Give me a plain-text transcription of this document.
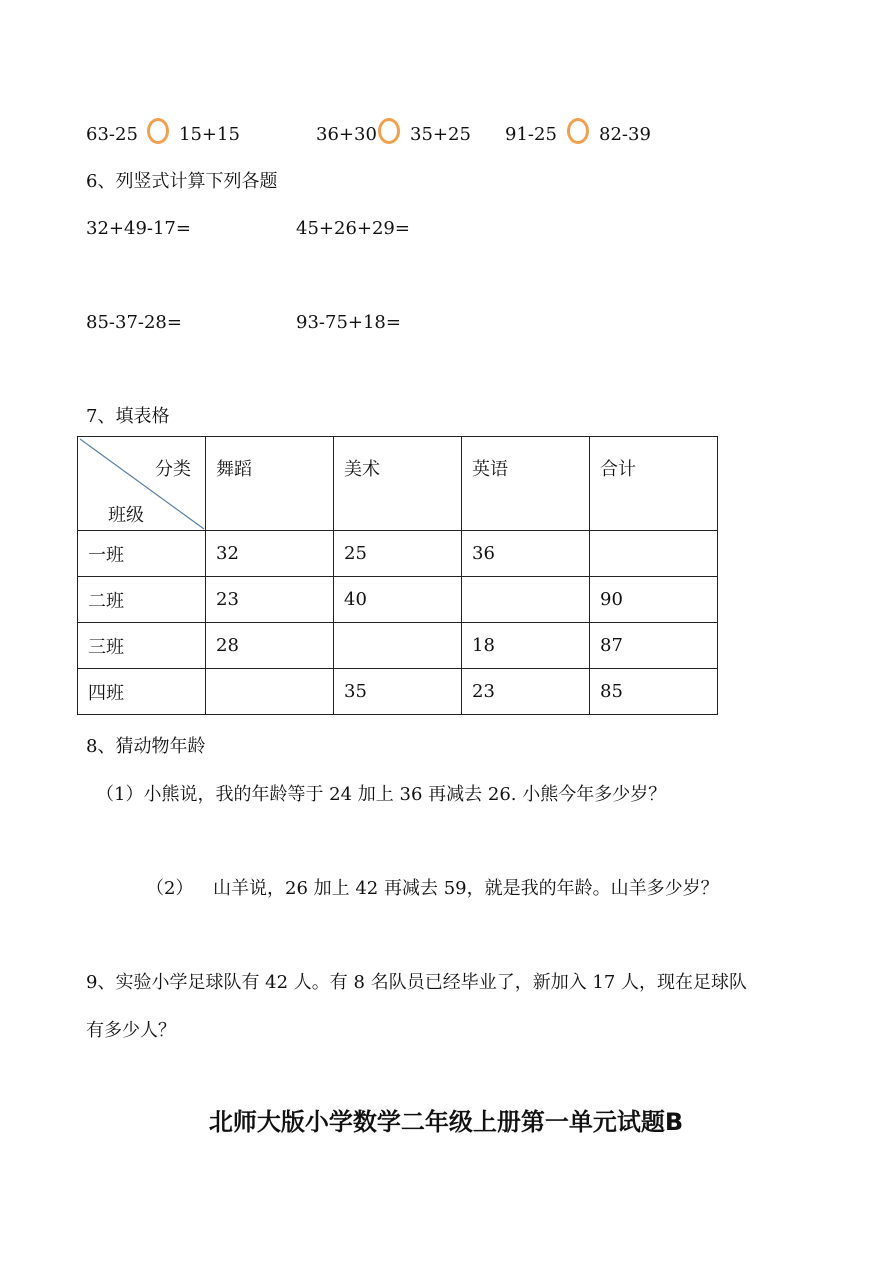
63-25 15+15	36+30 35+25 91-25 82-39
6、列竖式计算下列各题
32+49-17=	45+26+29=
85-37-28=	93-75+18=
7、填表格
分类
班级	舞蹈	美术	英语	合计
一班	32	25	36	
二班	23	40		90
三班	28		18	87
四班		35	23	85
8、猜动物年龄
（1）小熊说，我的年龄等于 24 加上 36 再减去 26. 小熊今年多少岁？
（2） 山羊说，26 加上 42 再减去 59，就是我的年龄。山羊多少岁？
9、实验小学足球队有 42 人。有 8 名队员已经毕业了，新加入 17 人，现在足球队
有多少人？
北师大版小学数学二年级上册第一单元试题B
